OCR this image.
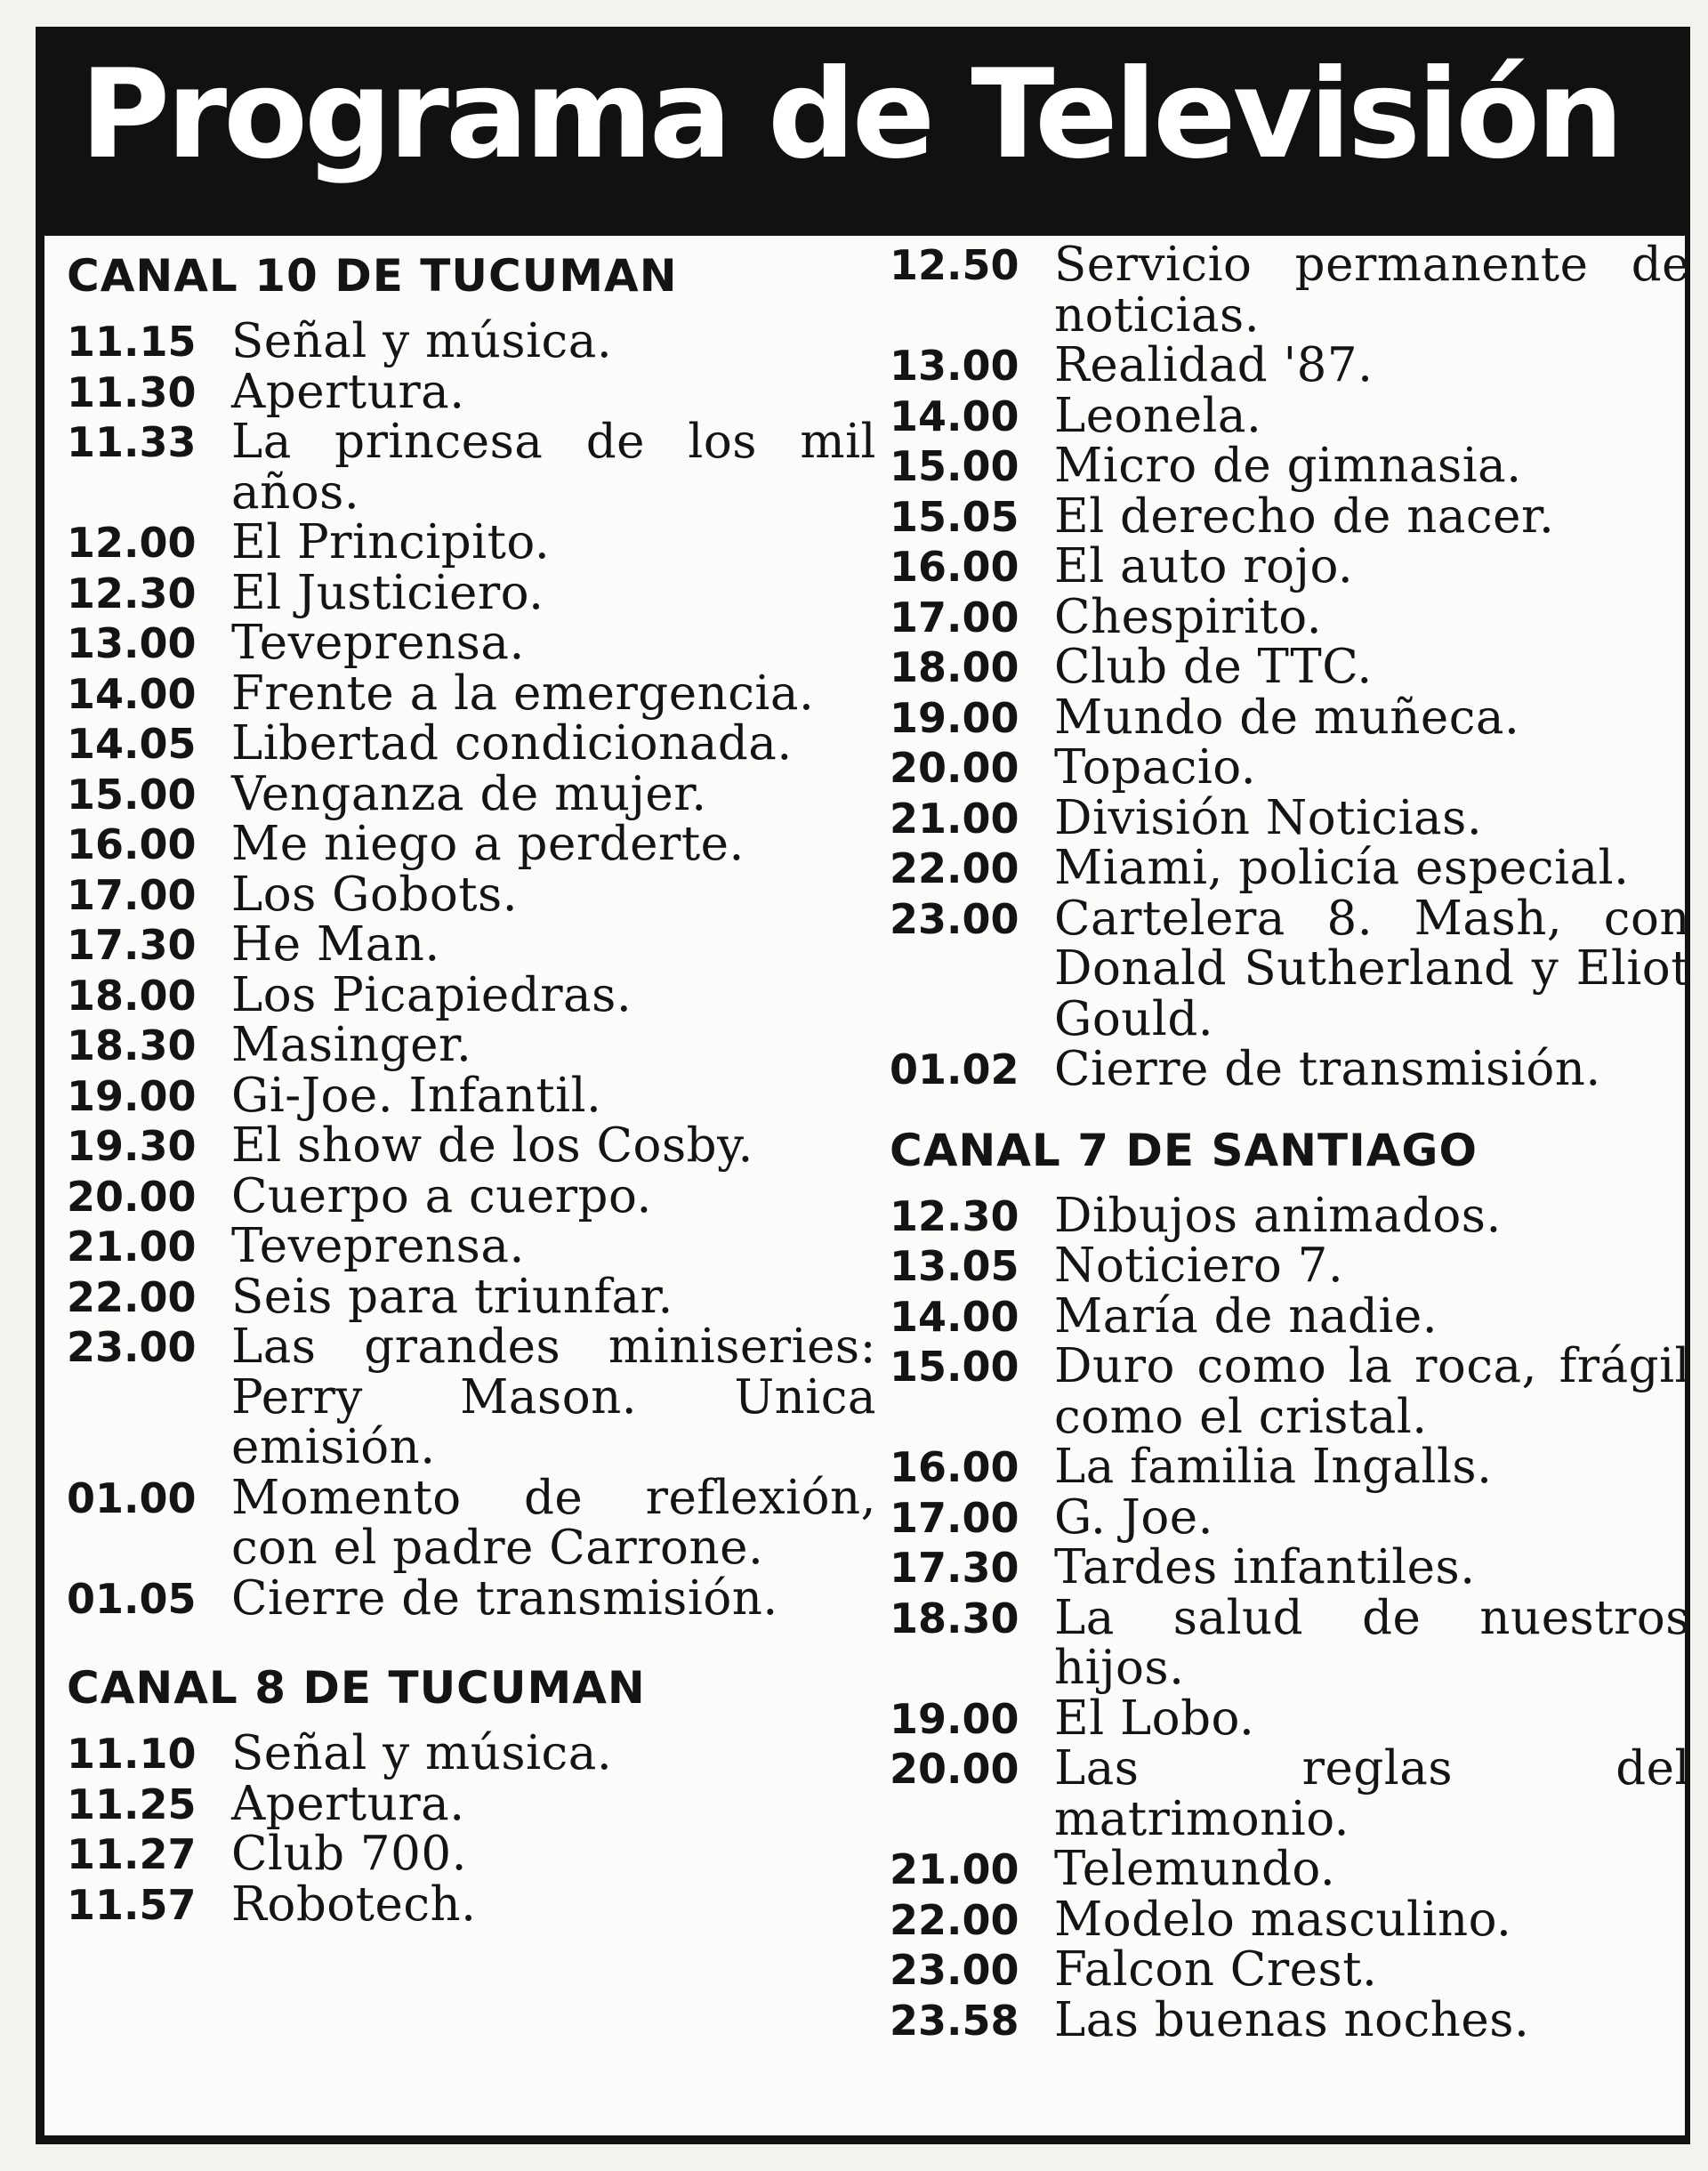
Programa de Televisión
CANAL 10 DE TUCUMAN
11.15 Señal y música.
11.30 Apertura.
11.33 La princesa de los mil años.
12.00 El Principito.
12.30 El Justiciero.
13.00 Teveprensa.
14.00 Frente a la emergencia.
14.05 Libertad condicionada.
15.00 Venganza de mujer.
16.00 Me niego a perderte.
17.00 Los Gobots.
17.30 He Man.
18.00 Los Picapiedras.
18.30 Masinger.
19.00 Gi-Joe. Infantil.
19.30 El show de los Cosby.
20.00 Cuerpo a cuerpo.
21.00 Teveprensa.
22.00 Seis para triunfar.
23.00 Las grandes miniseries: Perry Mason. Unica emisión.
01.00 Momento de reflexión, con el padre Carrone.
01.05 Cierre de transmisión.
CANAL 8 DE TUCUMAN
11.10 Señal y música.
11.25 Apertura.
11.27 Club 700.
11.57 Robotech.
12.50 Servicio permanente de noticias.
13.00 Realidad '87.
14.00 Leonela.
15.00 Micro de gimnasia.
15.05 El derecho de nacer.
16.00 El auto rojo.
17.00 Chespirito.
18.00 Club de TTC.
19.00 Mundo de muñeca.
20.00 Topacio.
21.00 División Noticias.
22.00 Miami, policía especial.
23.00 Cartelera 8. Mash, con Donald Sutherland y Eliot Gould.
01.02 Cierre de transmisión.
CANAL 7 DE SANTIAGO
12.30 Dibujos animados.
13.05 Noticiero 7.
14.00 María de nadie.
15.00 Duro como la roca, frágil como el cristal.
16.00 La familia Ingalls.
17.00 G. Joe.
17.30 Tardes infantiles.
18.30 La salud de nuestros hijos.
19.00 El Lobo.
20.00 Las reglas del matrimonio.
21.00 Telemundo.
22.00 Modelo masculino.
23.00 Falcon Crest.
23.58 Las buenas noches.
